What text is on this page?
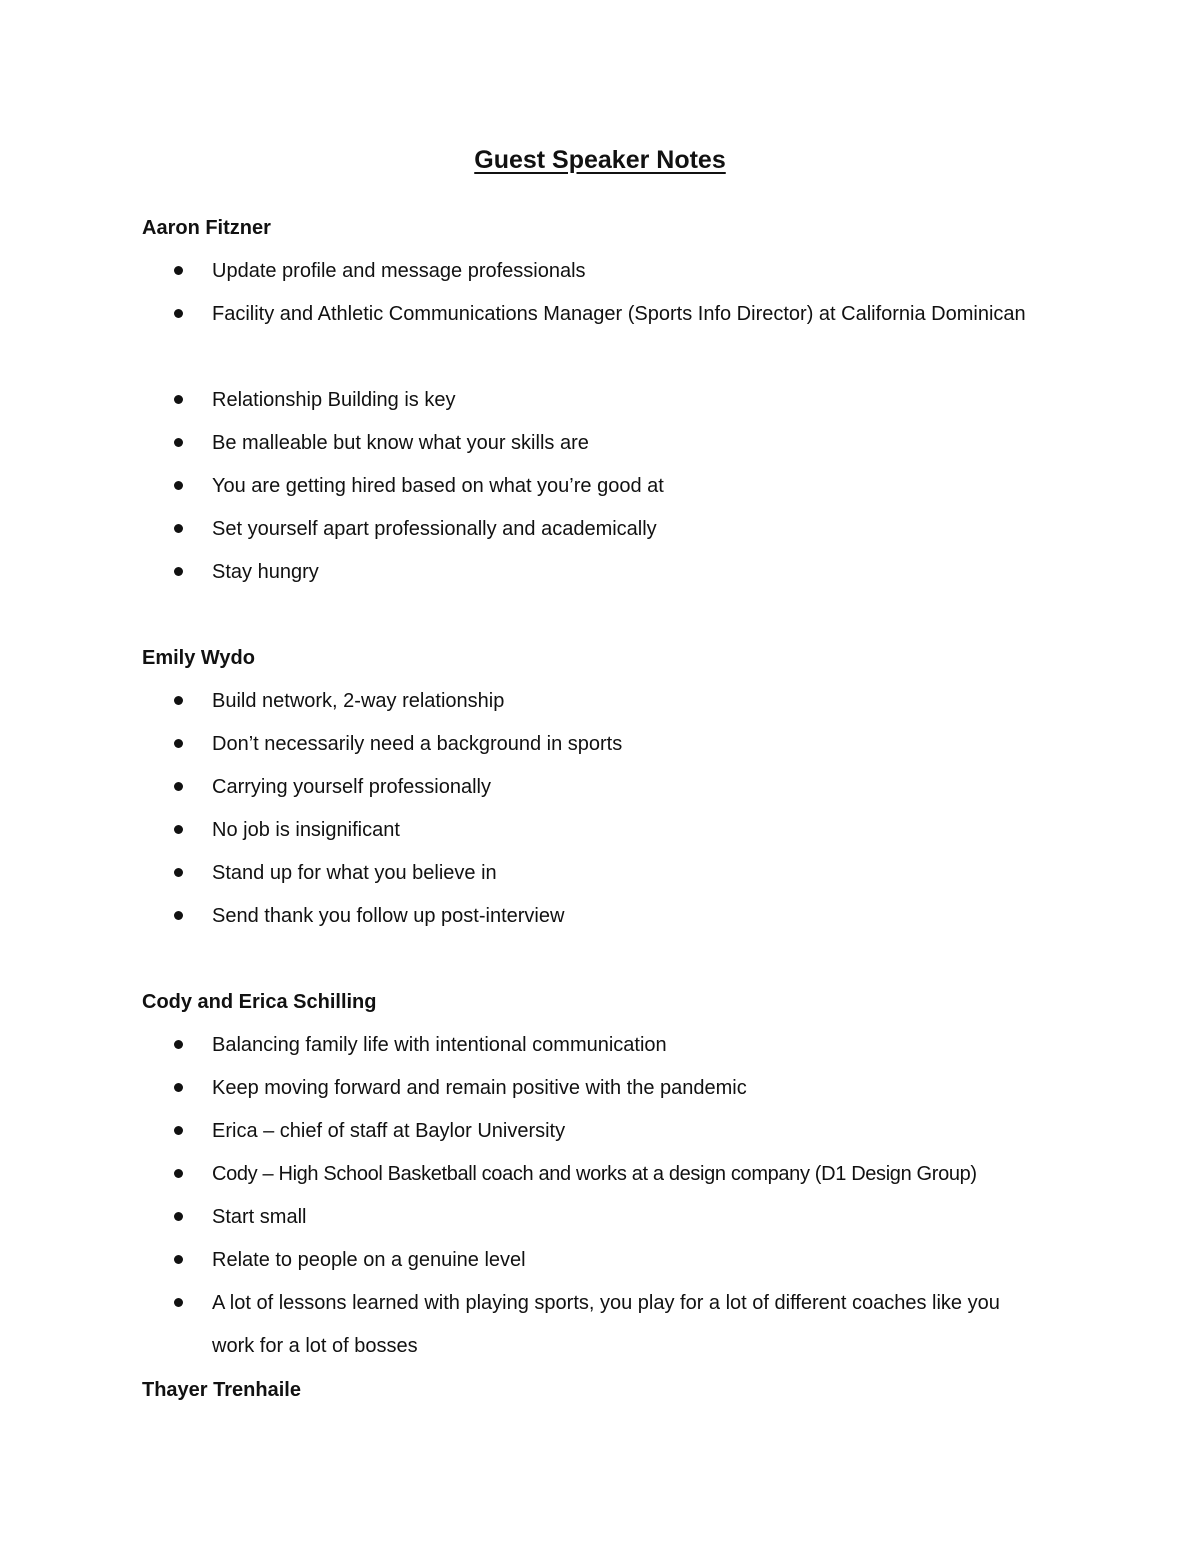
Guest Speaker Notes
Aaron Fitzner
Update profile and message professionals
Facility and Athletic Communications Manager (Sports Info Director) at California Dominican
Relationship Building is key
Be malleable but know what your skills are
You are getting hired based on what you’re good at
Set yourself apart professionally and academically
Stay hungry
Emily Wydo
Build network, 2-way relationship
Don’t necessarily need a background in sports
Carrying yourself professionally
No job is insignificant
Stand up for what you believe in
Send thank you follow up post-interview
Cody and Erica Schilling
Balancing family life with intentional communication
Keep moving forward and remain positive with the pandemic
Erica – chief of staff at Baylor University
Cody – High School Basketball coach and works at a design company (D1 Design Group)
Start small
Relate to people on a genuine level
A lot of lessons learned with playing sports, you play for a lot of different coaches like you work for a lot of bosses
Thayer Trenhaile
